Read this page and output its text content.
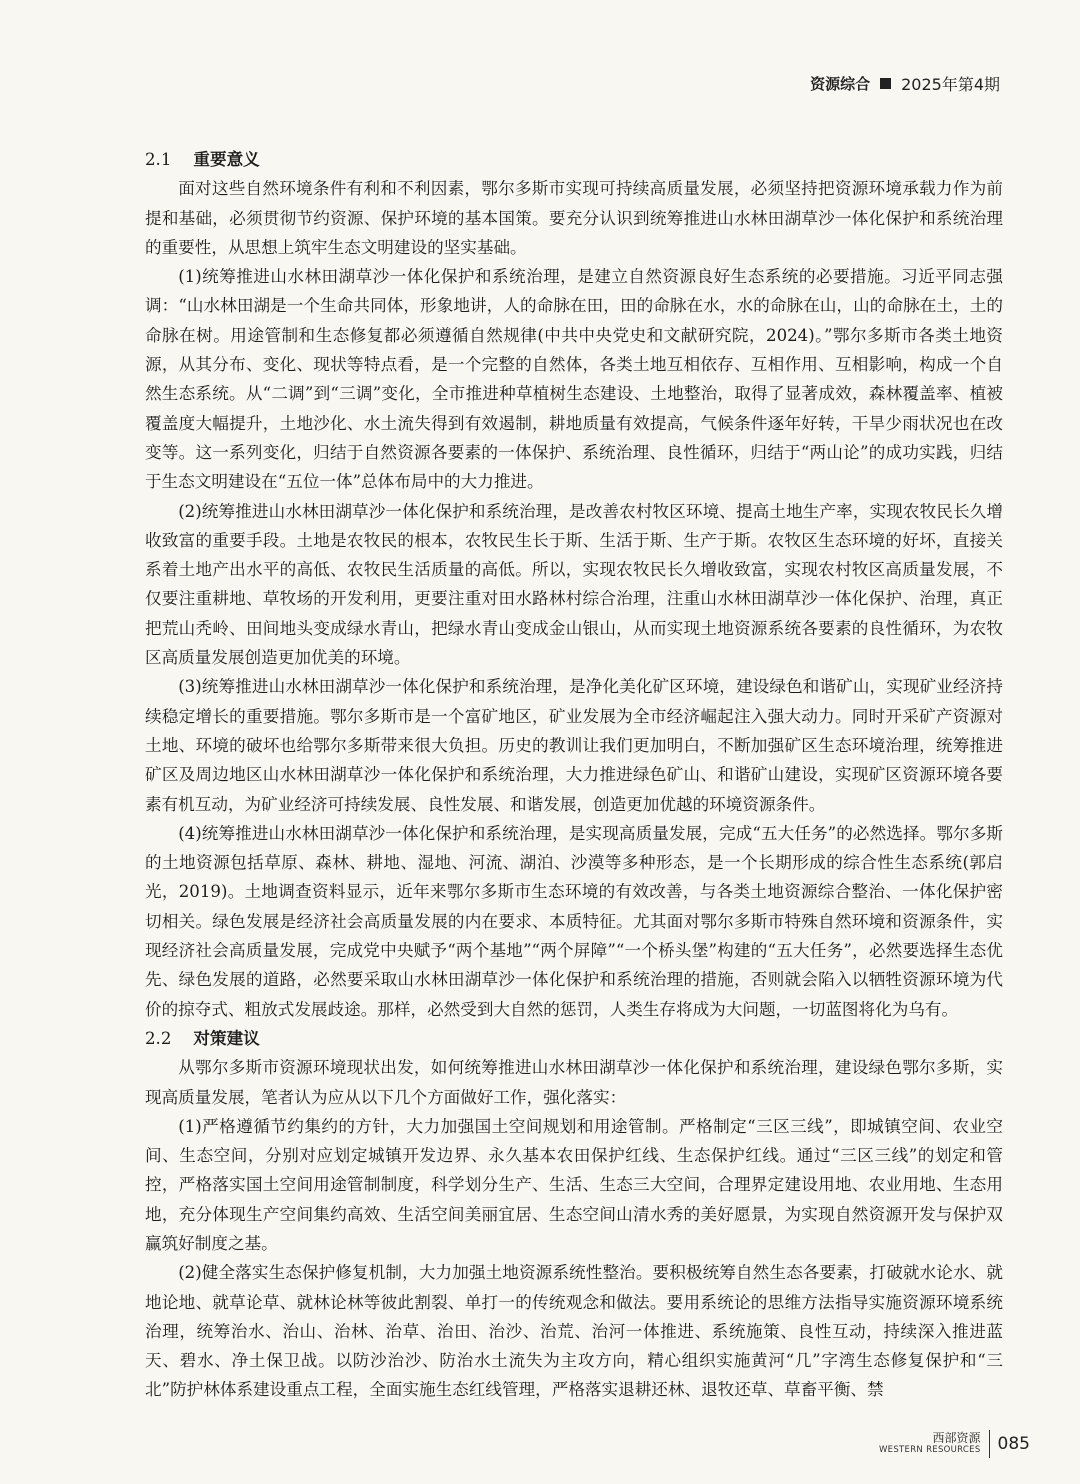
资源综合 2025年第4期
2.1 重要意义

面对这些自然环境条件有利和不利因素，鄂尔多斯市实现可持续高质量发展，必须坚持把资源环境承载力作为前提和基础，必须贯彻节约资源、保护环境的基本国策。要充分认识到统筹推进山水林田湖草沙一体化保护和系统治理的重要性，从思想上筑牢生态文明建设的坚实基础。

(1)统筹推进山水林田湖草沙一体化保护和系统治理，是建立自然资源良好生态系统的必要措施。习近平同志强调：“山水林田湖是一个生命共同体，形象地讲，人的命脉在田，田的命脉在水，水的命脉在山，山的命脉在土，土的命脉在树。用途管制和生态修复都必须遵循自然规律(中共中央党史和文献研究院，2024)。”鄂尔多斯市各类土地资源，从其分布、变化、现状等特点看，是一个完整的自然体，各类土地互相依存、互相作用、互相影响，构成一个自然生态系统。从“二调”到“三调”变化，全市推进种草植树生态建设、土地整治，取得了显著成效，森林覆盖率、植被覆盖度大幅提升，土地沙化、水土流失得到有效遏制，耕地质量有效提高，气候条件逐年好转，干旱少雨状况也在改变等。这一系列变化，归结于自然资源各要素的一体保护、系统治理、良性循环，归结于“两山论”的成功实践，归结于生态文明建设在“五位一体”总体布局中的大力推进。

(2)统筹推进山水林田湖草沙一体化保护和系统治理，是改善农村牧区环境、提高土地生产率，实现农牧民长久增收致富的重要手段。土地是农牧民的根本，农牧民生长于斯、生活于斯、生产于斯。农牧区生态环境的好坏，直接关系着土地产出水平的高低、农牧民生活质量的高低。所以，实现农牧民长久增收致富，实现农村牧区高质量发展，不仅要注重耕地、草牧场的开发利用，更要注重对田水路林村综合治理，注重山水林田湖草沙一体化保护、治理，真正把荒山秃岭、田间地头变成绿水青山，把绿水青山变成金山银山，从而实现土地资源系统各要素的良性循环，为农牧区高质量发展创造更加优美的环境。

(3)统筹推进山水林田湖草沙一体化保护和系统治理，是净化美化矿区环境，建设绿色和谐矿山，实现矿业经济持续稳定增长的重要措施。鄂尔多斯市是一个富矿地区，矿业发展为全市经济崛起注入强大动力。同时开采矿产资源对土地、环境的破坏也给鄂尔多斯带来很大负担。历史的教训让我们更加明白，不断加强矿区生态环境治理，统筹推进矿区及周边地区山水林田湖草沙一体化保护和系统治理，大力推进绿色矿山、和谐矿山建设，实现矿区资源环境各要素有机互动，为矿业经济可持续发展、良性发展、和谐发展，创造更加优越的环境资源条件。

(4)统筹推进山水林田湖草沙一体化保护和系统治理，是实现高质量发展，完成“五大任务”的必然选择。鄂尔多斯的土地资源包括草原、森林、耕地、湿地、河流、湖泊、沙漠等多种形态，是一个长期形成的综合性生态系统(郭启光，2019)。土地调查资料显示，近年来鄂尔多斯市生态环境的有效改善，与各类土地资源综合整治、一体化保护密切相关。绿色发展是经济社会高质量发展的内在要求、本质特征。尤其面对鄂尔多斯市特殊自然环境和资源条件，实现经济社会高质量发展，完成党中央赋予“两个基地”“两个屏障”“一个桥头堡”构建的“五大任务”，必然要选择生态优先、绿色发展的道路，必然要采取山水林田湖草沙一体化保护和系统治理的措施，否则就会陷入以牺牲资源环境为代价的掠夺式、粗放式发展歧途。那样，必然受到大自然的惩罚，人类生存将成为大问题，一切蓝图将化为乌有。

2.2 对策建议

从鄂尔多斯市资源环境现状出发，如何统筹推进山水林田湖草沙一体化保护和系统治理，建设绿色鄂尔多斯，实现高质量发展，笔者认为应从以下几个方面做好工作，强化落实：

(1)严格遵循节约集约的方针，大力加强国土空间规划和用途管制。严格制定“三区三线”，即城镇空间、农业空间、生态空间，分别对应划定城镇开发边界、永久基本农田保护红线、生态保护红线。通过“三区三线”的划定和管控，严格落实国土空间用途管制制度，科学划分生产、生活、生态三大空间，合理界定建设用地、农业用地、生态用地，充分体现生产空间集约高效、生活空间美丽宜居、生态空间山清水秀的美好愿景，为实现自然资源开发与保护双赢筑好制度之基。

(2)健全落实生态保护修复机制，大力加强土地资源系统性整治。要积极统筹自然生态各要素，打破就水论水、就地论地、就草论草、就林论林等彼此割裂、单打一的传统观念和做法。要用系统论的思维方法指导实施资源环境系统治理，统筹治水、治山、治林、治草、治田、治沙、治荒、治河一体推进、系统施策、良性互动，持续深入推进蓝天、碧水、净土保卫战。以防沙治沙、防治水土流失为主攻方向，精心组织实施黄河“几”字湾生态修复保护和“三北”防护林体系建设重点工程，全面实施生态红线管理，严格落实退耕还林、退牧还草、草畜平衡、禁

西部资源
WESTERN RESOURCES 085
